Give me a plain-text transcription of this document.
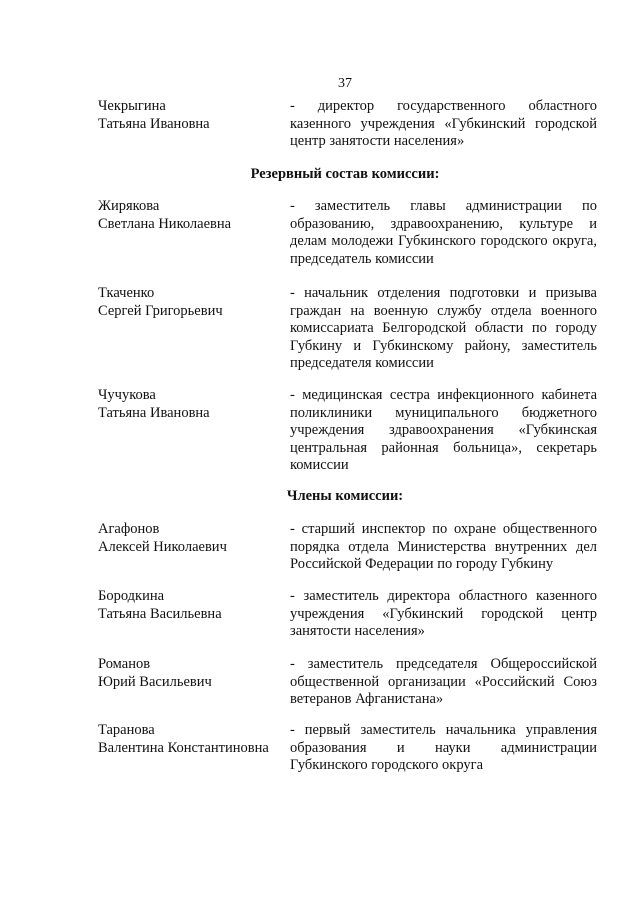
37
Чекрыгина
Татьяна Ивановна
- директор государственного областного казенного учреждения «Губкинский городской центр занятости населения»
Резервный состав комиссии:
Жирякова
Светлана Николаевна
- заместитель главы администрации по образованию, здравоохранению, культуре и делам молодежи Губкинского городского округа, председатель комиссии
Ткаченко
Сергей Григорьевич
- начальник отделения подготовки и призыва граждан на военную службу отдела военного комиссариата Белгородской области по городу Губкину и Губкинскому району, заместитель председателя комиссии
Чучукова
Татьяна Ивановна
- медицинская сестра инфекционного кабинета поликлиники муниципального бюджетного учреждения здравоохранения «Губкинская центральная районная больница», секретарь комиссии
Члены комиссии:
Агафонов
Алексей Николаевич
- старший инспектор по охране общественного порядка отдела Министерства внутренних дел Российской Федерации по городу Губкину
Бородкина
Татьяна Васильевна
- заместитель директора областного казенного учреждения «Губкинский городской центр занятости населения»
Романов
Юрий Васильевич
- заместитель председателя Общероссийской общественной организации «Российский Союз ветеранов Афганистана»
Таранова
Валентина Константиновна
- первый заместитель начальника управления образования и науки администрации Губкинского городского округа
